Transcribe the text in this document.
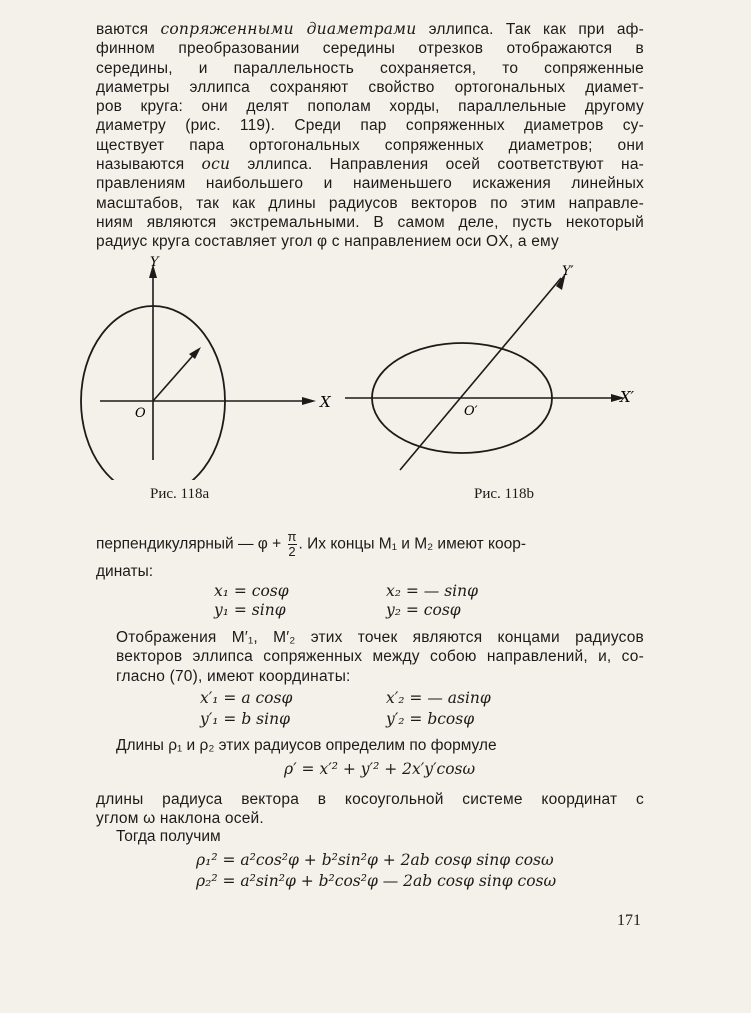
ваются сопряженными диаметрами эллипса. Так как при аф-
финном преобразовании середины отрезков отображаются в
середины, и параллельность сохраняется, то сопряженные
диаметры эллипса сохраняют свойство ортогональных диамет-
ров круга: они делят пополам хорды, параллельные другому
диаметру (рис. 119). Среди пар сопряженных диаметров су-
ществует пара ортогональных сопряженных диаметров; они
называются оси эллипса. Направления осей соответствуют на-
правлениям наибольшего и наименьшего искажения линейных
масштабов, так как длины радиусов векторов по этим направле-
ниям являются экстремальными. В самом деле, пусть некоторый
радиус круга составляет угол φ с направлением оси OX, а ему
Y
X
O
Рис. 118a
Y′
X′
O′
Рис. 118b
перпендикулярный — $\varphi + \frac{\pi}{2}$ . Их концы M₁ и M₂ имеют коор-
динаты:
x₁ = cosφ	x₂ = — sinφ
y₁ = sinφ	y₂ = cosφ
Отображения M′₁, M′₂ этих точек являются концами радиусов
векторов эллипса сопряженных между собою направлений, и, со-
гласно (70), имеют координаты:
x′₁ = a cosφ	x′₂ = — asinφ
y′₁ = b sinφ	y′₂ = bcosφ
Длины ρ₁ и ρ₂ этих радиусов определим по формуле
ρ′ = x′² + y′² + 2x′y′cosω
длины радиуса вектора в косоугольной системе координат с
углом ω наклона осей.
Тогда получим
ρ₁² = a²cos²φ + b²sin²φ + 2ab cosφ sinφ cosω
ρ₂² = a²sin²φ + b²cos²φ — 2ab cosφ sinφ cosω
171
